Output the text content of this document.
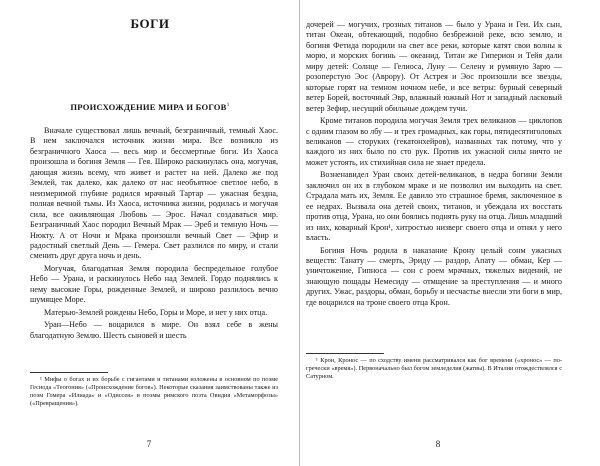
БОГИ
ПРОИСХОЖДЕНИЕ МИРА И БОГОВ$^1$

Вначале существовал лишь вечный, безграничный, темный Хаос. В нем заключался источник жизни мира. Все возникло из безграничного Хаоса — весь мир и бессмертные боги. Из Хаоса произошла и богиня Земля — Гея. Широко раскинулась она, могучая, дающая жизнь всему, что живет и растет на ней. Далеко же под Землей, так далеко, как далеко от нас необъятное светлое небо, в неизмеримой глубине родился мрачный Тартар — ужасная бездна, полная вечной тьмы. Из Хаоса, источника жизни, родилась и могучая сила, все оживляющая Любовь — Эрос. Начал создаваться мир. Безграничный Хаос породил Вечный Мрак — Эреб и темную Ночь — Нюкту. А от Ночи и Мрака произошли вечный Свет — Эфир и радостный светлый День — Гемера. Свет разлился по миру, и стали сменить друг друга ночь и день.

Могучая, благодатная Земля породила беспредельное голубое Небо — Урана, и раскинулось Небо над Землей. Гордо поднялись к нему высокие Горы, рожденные Землей, и широко разлилось вечно шумящее Море.

Матерью-Землей рождены Небо, Горы и Море, и нет у них отца.

Уран—Небо — воцарился в мире. Он взял себе в жены благодатную Землю. Шесть сыновей и шесть

¹ Мифы о богах и их борьбе с гигантами и титанами изложены в основном по поэме Гесиода «Теогония» («Происхождение богов»). Некоторые сказания заимствованы также из поэм Гомера «Илиада» и «Одиссея» и поэмы римского поэта Овидия «Метаморфозы» («Превращения»).

7

дочерей — могучих, грозных титанов — было у Урана и Геи. Их сын, титан Океан, обтекающий, подобно безбрежной реке, всю землю, и богиня Фетида породили на свет все реки, которые катят свои волны к морю, и морских богинь — океанид. Титан же Гиперион и Тейя дали миру детей: Солнце — Гелиоса, Луну — Селену и румяную Зарю — розоперстую Эос (Аврору). От Астрея и Эос произошли все звезды, которые горят на темном ночном небе, и все ветры: бурный северный ветер Борей, восточный Эвр, влажный южный Нот и западный ласковый ветер Зефир, несущий обильные дождем тучи.

Кроме титанов породила могучая Земля трех великанов — циклопов с одним глазом во лбу — и трех громадных, как горы, пятидесятиголовых великанов — сторуких (гекатонхейров), названных так потому, что у каждого из них было по сто рук. Против их ужасной силы ничто не может устоять, их стихийная сила не знает предела.

Возненавидел Уран своих детей-великанов, в недра богини Земли заключил он их в глубоком мраке и не позволил им выходить на свет. Страдала мать их, Земля. Ее давило это страшное бремя, заключенное в ее недрах. Вызвала она детей своих, титанов, и убеждала их восстать против отца, Урана, но они боялись поднять руку на отца. Лишь младший из них, коварный Крон¹, хитростью низверг своего отца и отнял у него власть.

Богиня Ночь родила в наказание Крону целый сонм ужасных веществ: Танату — смерть, Эриду — раздор, Апату — обман, Кер — уничтожение, Гипноса — сон с роем мрачных, тяжелых видений, не знающую пощады Немесиду — отмщение за преступления — и много других. Ужас, раздоры, обман, борьбу и несчастье внесли эти боги в мир, где воцарился на троне своего отца Крон.

¹ Крон, Кронос — по сходству имени рассматривался как бог времени («хронос» — по-гречески «время»). Первоначально был богом земледелия (жатвы). В Италии отождествлялся с Сатурном.

8
